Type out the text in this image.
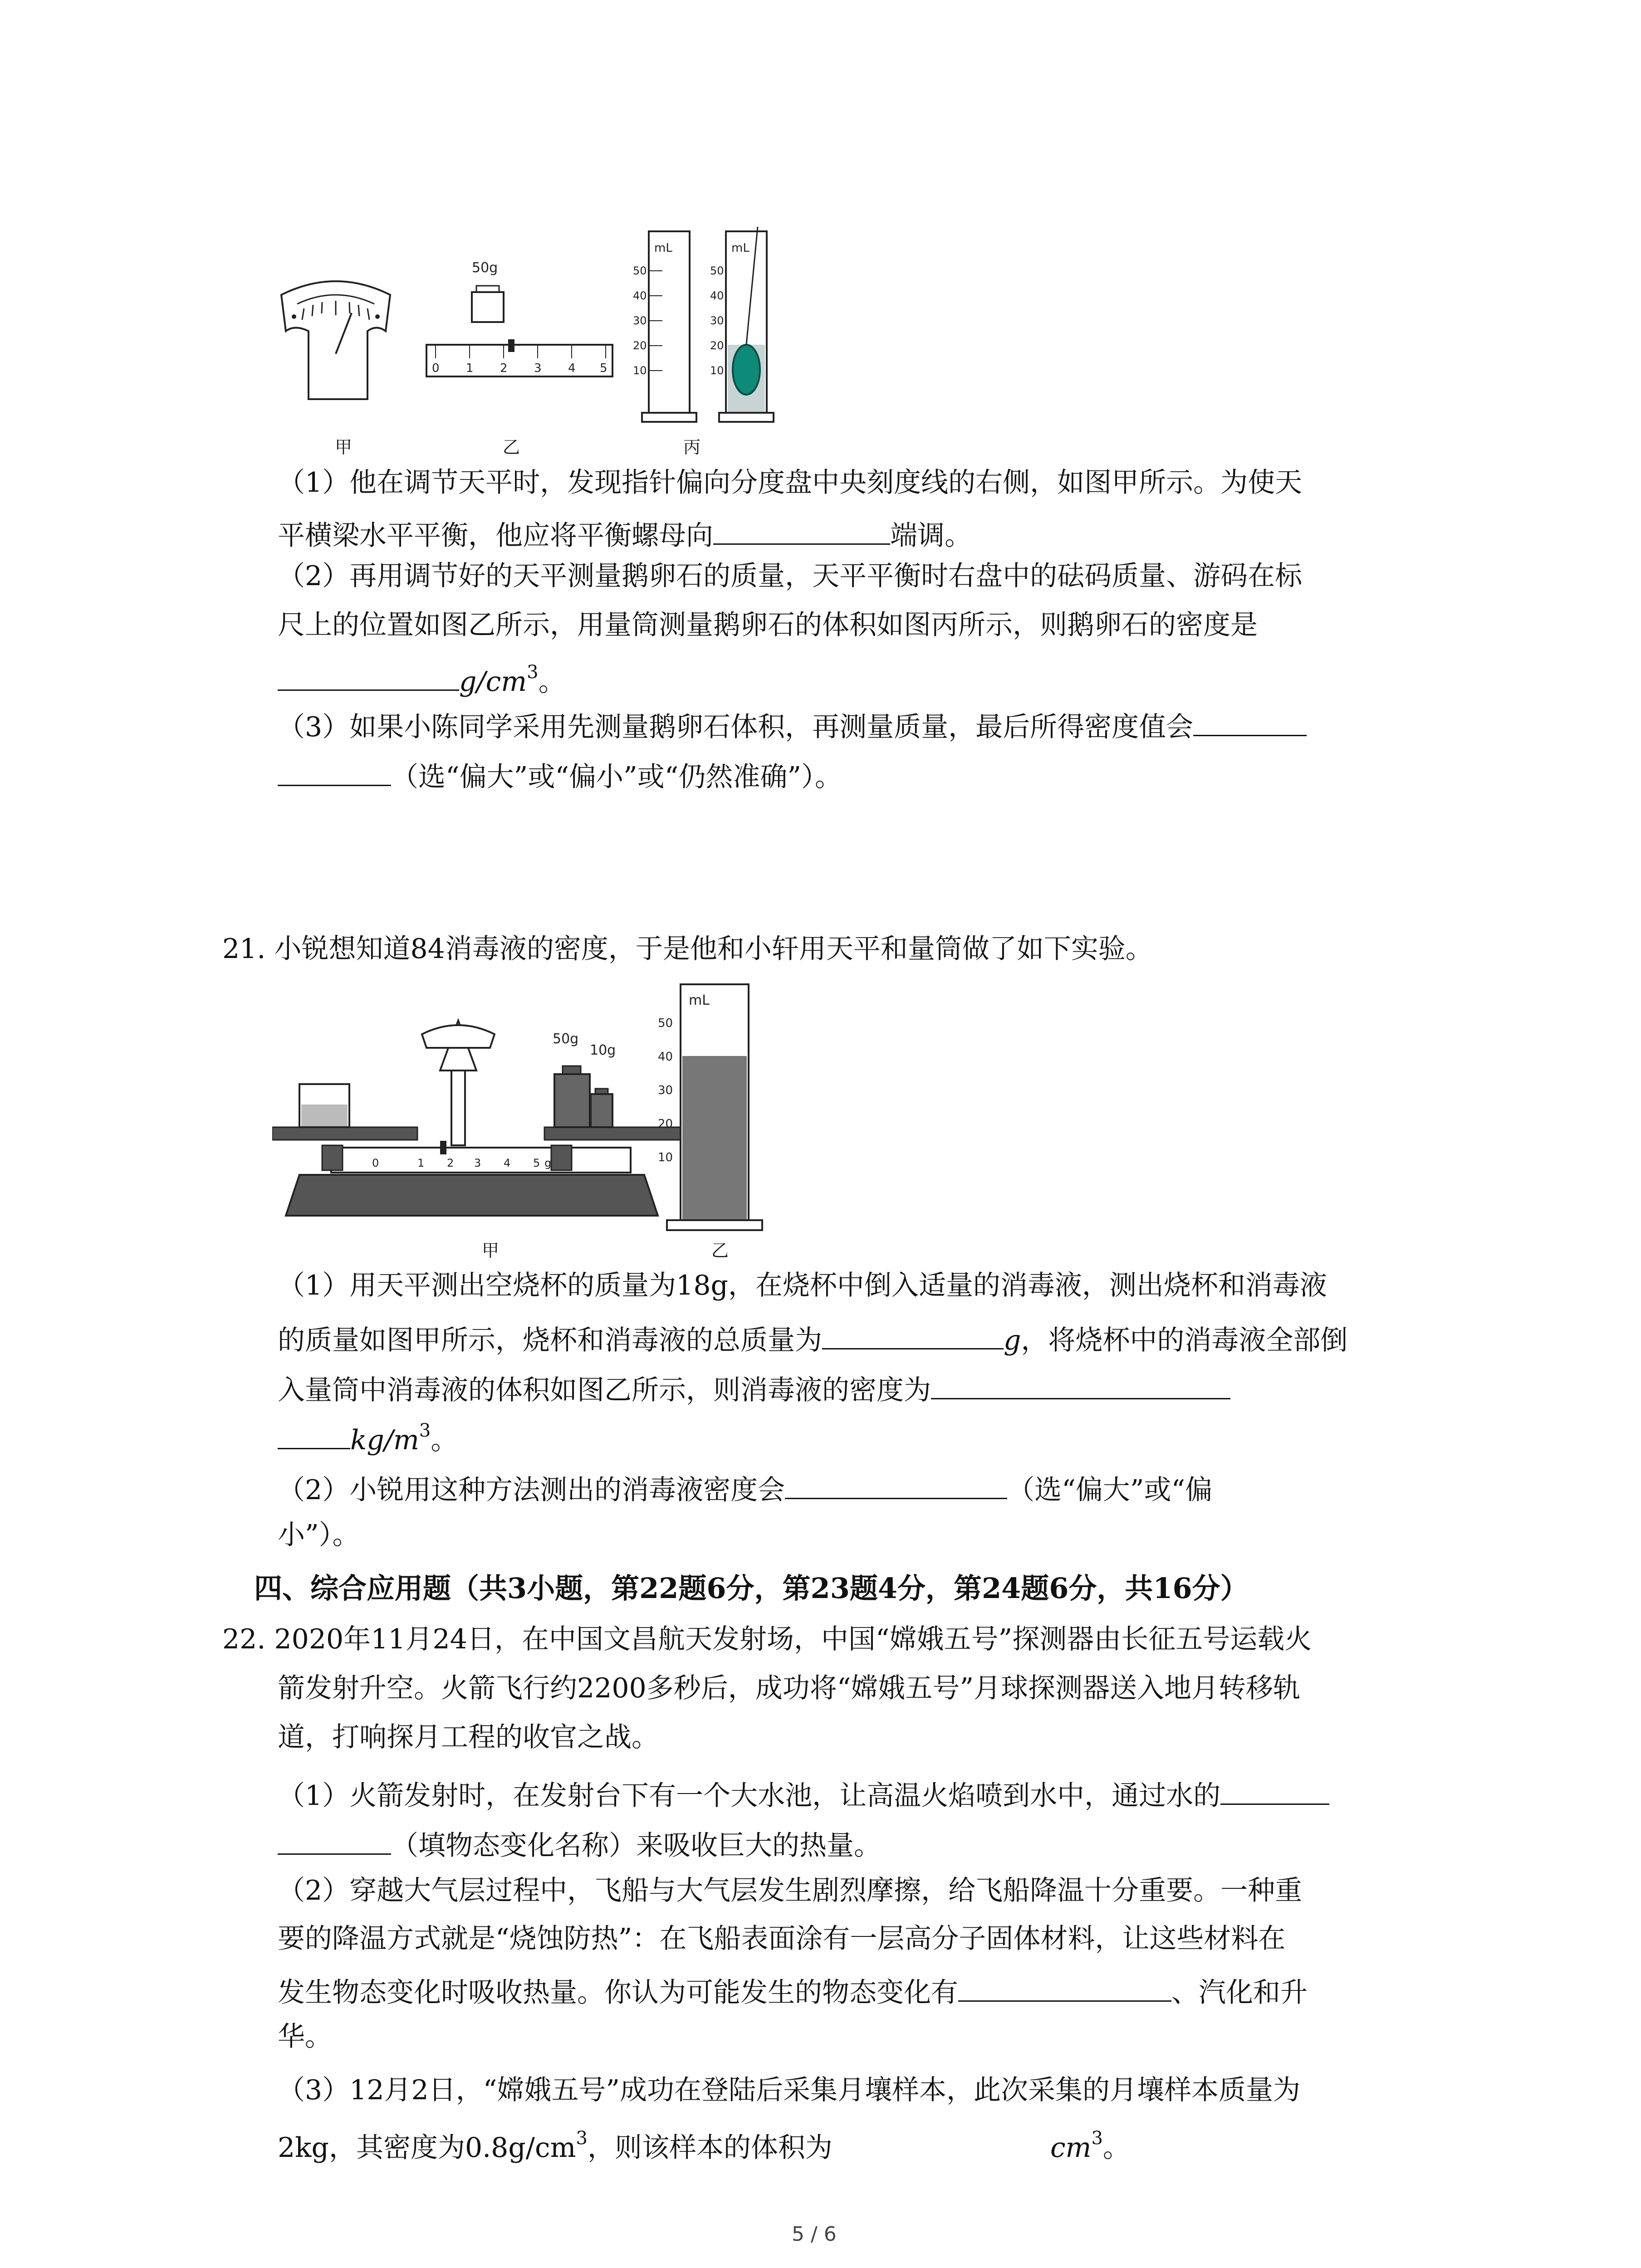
50g
0 1 2 3 4 5
mL
50
40
30
20
10
mL
50
40
30
20
10
甲	乙	丙
（1）他在调节天平时，发现指针偏向分度盘中央刻度线的右侧，如图甲所示。为使天
平横梁水平平衡，他应将平衡螺母向	端调。
（2）再用调节好的天平测量鹅卵石的质量，天平平衡时右盘中的砝码质量、游码在标
尺上的位置如图乙所示，用量筒测量鹅卵石的体积如图丙所示，则鹅卵石的密度是
$g/cm^3$。
（3）如果小陈同学采用先测量鹅卵石体积，再测量质量，最后所得密度值会
（选“偏大”或“偏小”或“仍然准确”）。
21. 小锐想知道84消毒液的密度，于是他和小轩用天平和量筒做了如下实验。
0	1 2 3 4 5 g
50g
10g
mL
50
40
30
20
10
甲	乙
（1）用天平测出空烧杯的质量为18g，在烧杯中倒入适量的消毒液，测出烧杯和消毒液
的质量如图甲所示，烧杯和消毒液的总质量为	g，将烧杯中的消毒液全部倒
入量筒中消毒液的体积如图乙所示，则消毒液的密度为
$kg/m^3$。
（2）小锐用这种方法测出的消毒液密度会	（选“偏大”或“偏
小”）。
四、综合应用题（共3小题，第22题6分，第23题4分，第24题6分，共16分）
22. 2020年11月24日，在中国文昌航天发射场，中国“嫦娥五号”探测器由长征五号运载火
箭发射升空。火箭飞行约2200多秒后，成功将“嫦娥五号”月球探测器送入地月转移轨
道，打响探月工程的收官之战。
（1）火箭发射时，在发射台下有一个大水池，让高温火焰喷到水中，通过水的
（填物态变化名称）来吸收巨大的热量。
（2）穿越大气层过程中，飞船与大气层发生剧烈摩擦，给飞船降温十分重要。一种重
要的降温方式就是“烧蚀防热”：在飞船表面涂有一层高分子固体材料，让这些材料在
发生物态变化时吸收热量。你认为可能发生的物态变化有	、汽化和升
华。
（3）12月2日，“嫦娥五号”成功在登陆后采集月壤样本，此次采集的月壤样本质量为
2kg，其密度为$0.8g/cm^3$，则该样本的体积为	$cm^3$。
5 / 6
